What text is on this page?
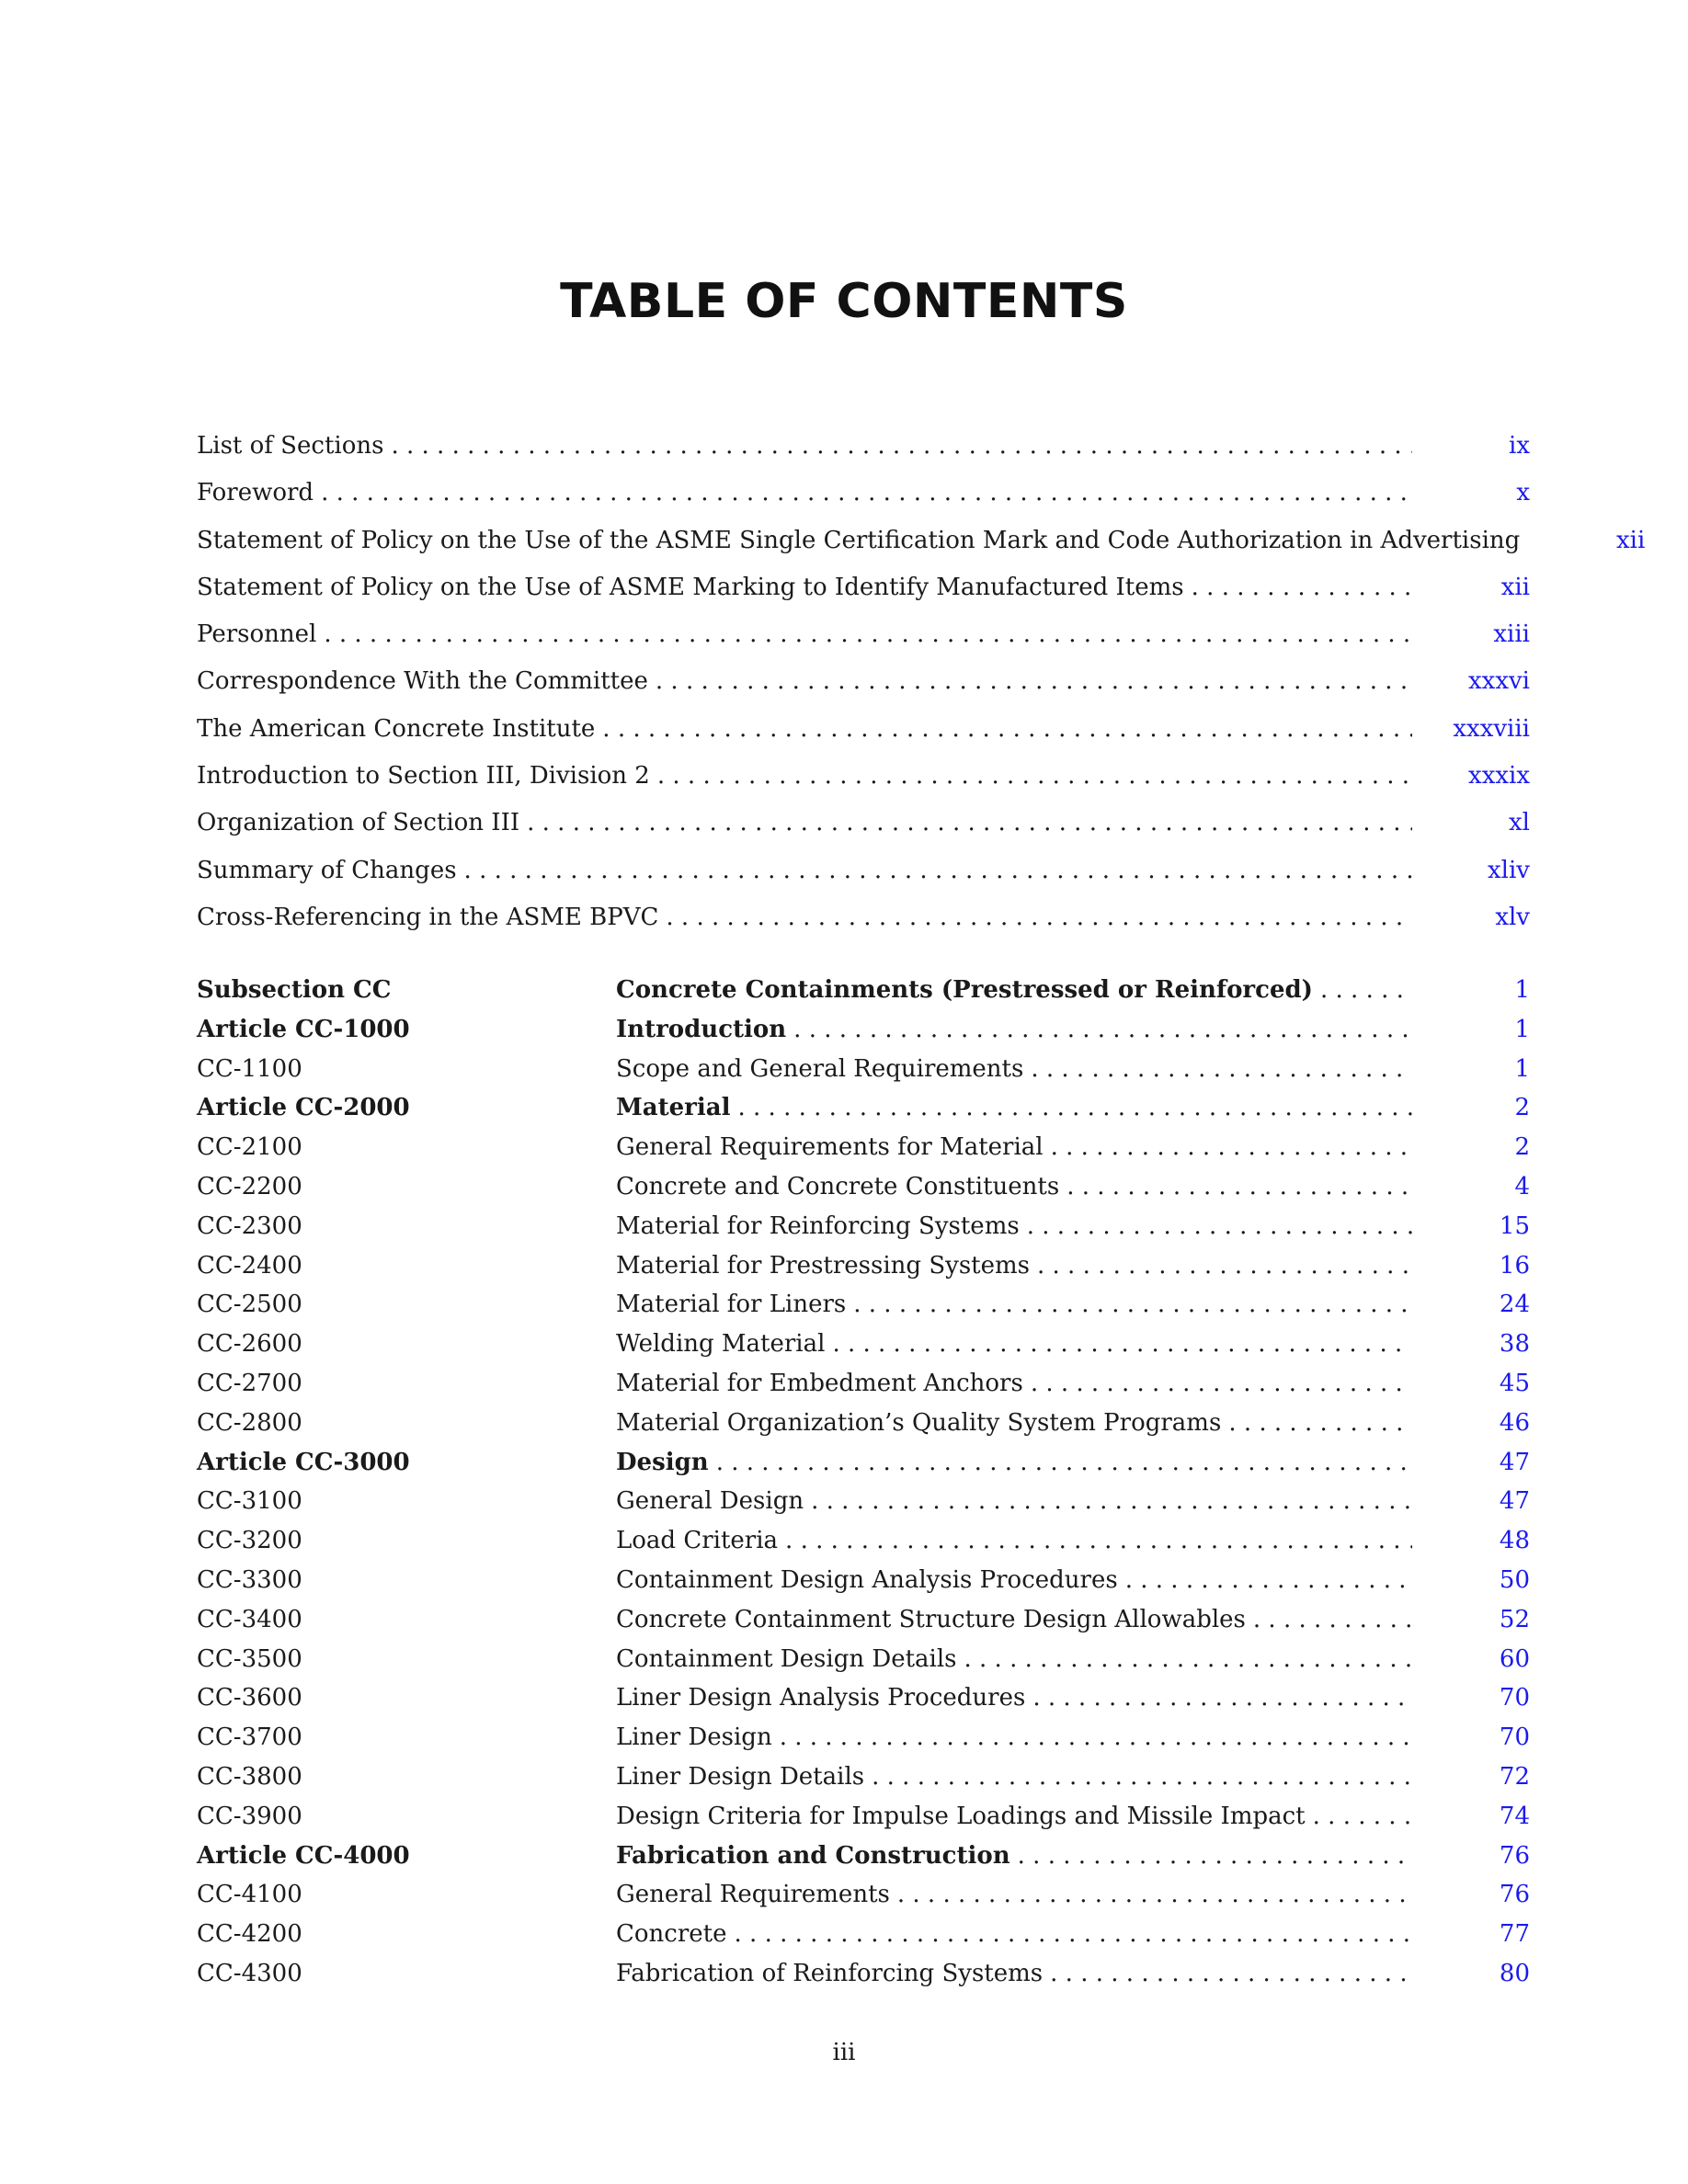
TABLE OF CONTENTS
List of Sections . . .	ix
Foreword . . .	x
Statement of Policy on the Use of the ASME Single Certification Mark and Code Authorization in Advertising	xii
Statement of Policy on the Use of ASME Marking to Identify Manufactured Items . . .	xii
Personnel . . .	xiii
Correspondence With the Committee . . .	xxxvi
The American Concrete Institute . . .	xxxviii
Introduction to Section III, Division 2 . . .	xxxix
Organization of Section III . . .	xl
Summary of Changes . . .	xliv
Cross-Referencing in the ASME BPVC . . .	xlv
Subsection CC	Concrete Containments (Prestressed or Reinforced) . . .	1
Article CC-1000	Introduction . . .	1
CC-1100	Scope and General Requirements . . .	1
Article CC-2000	Material . . .	2
CC-2100	General Requirements for Material . . .	2
CC-2200	Concrete and Concrete Constituents . . .	4
CC-2300	Material for Reinforcing Systems . . .	15
CC-2400	Material for Prestressing Systems . . .	16
CC-2500	Material for Liners . . .	24
CC-2600	Welding Material . . .	38
CC-2700	Material for Embedment Anchors . . .	45
CC-2800	Material Organization’s Quality System Programs . . .	46
Article CC-3000	Design . . .	47
CC-3100	General Design . . .	47
CC-3200	Load Criteria . . .	48
CC-3300	Containment Design Analysis Procedures . . .	50
CC-3400	Concrete Containment Structure Design Allowables . . .	52
CC-3500	Containment Design Details . . .	60
CC-3600	Liner Design Analysis Procedures . . .	70
CC-3700	Liner Design . . .	70
CC-3800	Liner Design Details . . .	72
CC-3900	Design Criteria for Impulse Loadings and Missile Impact . . .	74
Article CC-4000	Fabrication and Construction . . .	76
CC-4100	General Requirements . . .	76
CC-4200	Concrete . . .	77
CC-4300	Fabrication of Reinforcing Systems . . .	80
iii
